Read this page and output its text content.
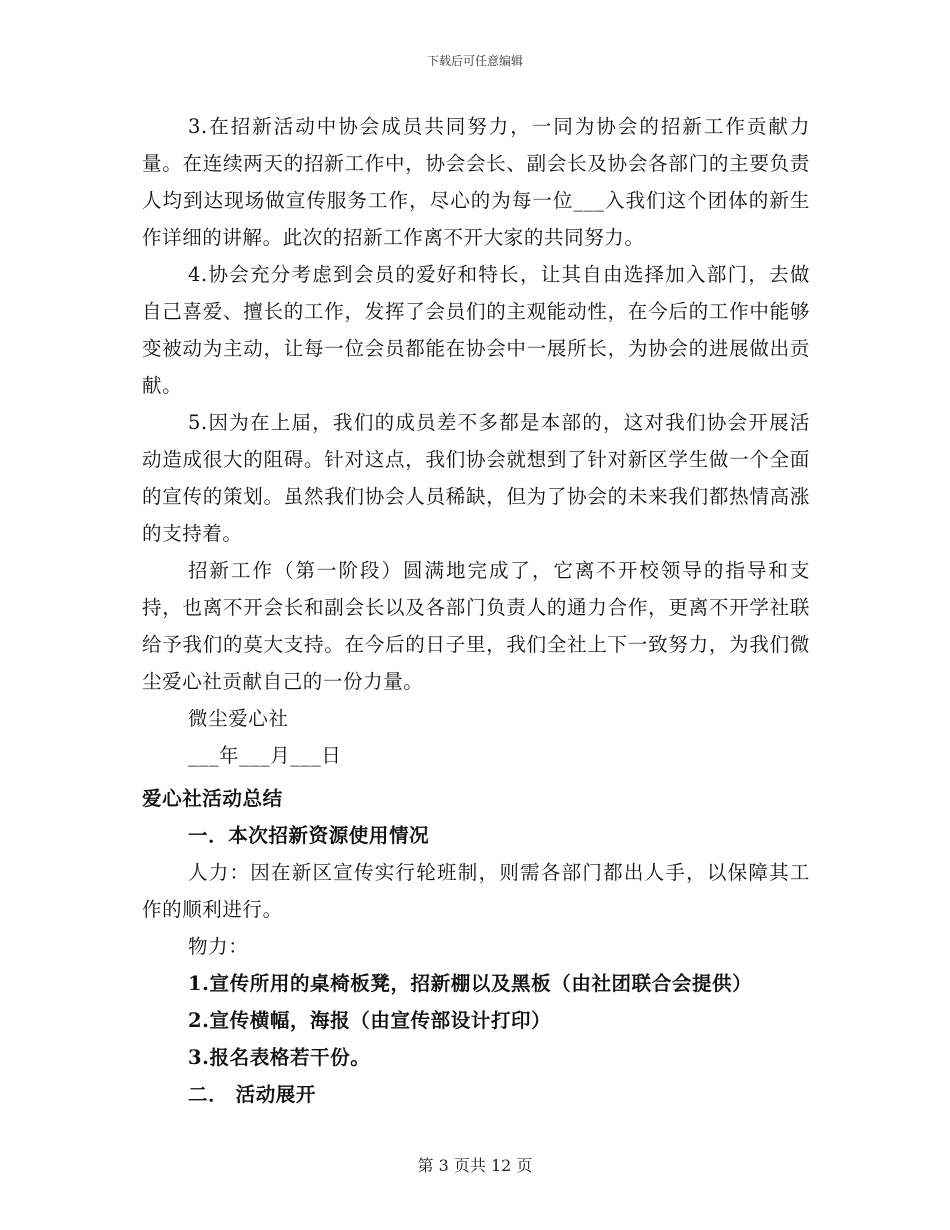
下载后可任意编辑

3.在招新活动中协会成员共同努力，一同为协会的招新工作贡献力量。在连续两天的招新工作中，协会会长、副会长及协会各部门的主要负责人均到达现场做宣传服务工作，尽心的为每一位___入我们这个团体的新生作详细的讲解。此次的招新工作离不开大家的共同努力。

4.协会充分考虑到会员的爱好和特长，让其自由选择加入部门，去做自己喜爱、擅长的工作，发挥了会员们的主观能动性，在今后的工作中能够变被动为主动，让每一位会员都能在协会中一展所长，为协会的进展做出贡献。

5.因为在上届，我们的成员差不多都是本部的，这对我们协会开展活动造成很大的阻碍。针对这点，我们协会就想到了针对新区学生做一个全面的宣传的策划。虽然我们协会人员稀缺，但为了协会的未来我们都热情高涨的支持着。

招新工作（第一阶段）圆满地完成了，它离不开校领导的指导和支持，也离不开会长和副会长以及各部门负责人的通力合作，更离不开学社联给予我们的莫大支持。在今后的日子里，我们全社上下一致努力，为我们微尘爱心社贡献自己的一份力量。

微尘爱心社

___年___月___日

爱心社活动总结

一．本次招新资源使用情况

人力：因在新区宣传实行轮班制，则需各部门都出人手，以保障其工作的顺利进行。

物力：

1.宣传所用的桌椅板凳，招新棚以及黑板（由社团联合会提供）

2.宣传横幅，海报（由宣传部设计打印）

3.报名表格若干份。

二． 活动展开

第 3 页共 12 页
